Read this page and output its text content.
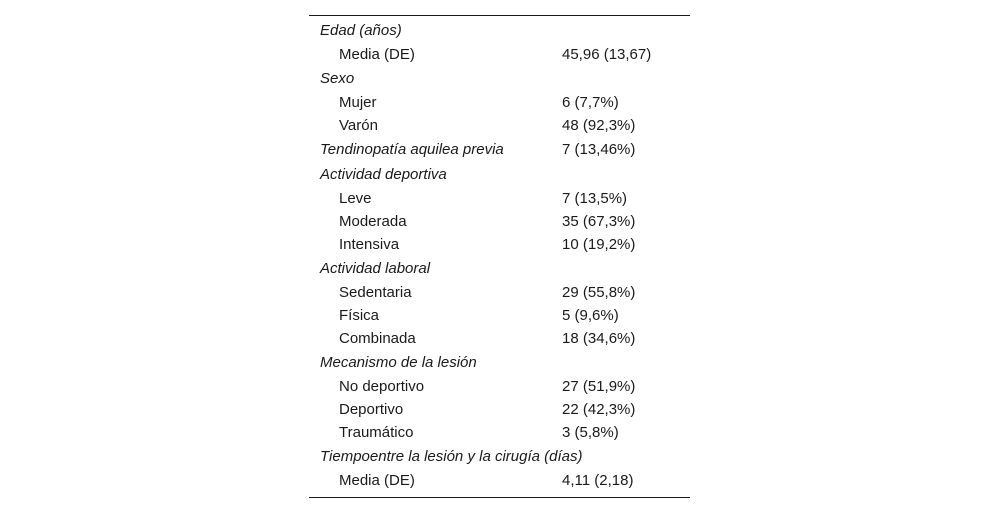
Edad (años)
Media (DE)	45,96 (13,67)
Sexo
Mujer	6 (7,7%)
Varón	48 (92,3%)
Tendinopatía aquilea previa	7 (13,46%)
Actividad deportiva
Leve	7 (13,5%)
Moderada	35 (67,3%)
Intensiva	10 (19,2%)
Actividad laboral
Sedentaria	29 (55,8%)
Física	5 (9,6%)
Combinada	18 (34,6%)
Mecanismo de la lesión
No deportivo	27 (51,9%)
Deportivo	22 (42,3%)
Traumático	3 (5,8%)
Tiempoentre la lesión y la cirugía (días)
Media (DE)	4,11 (2,18)
